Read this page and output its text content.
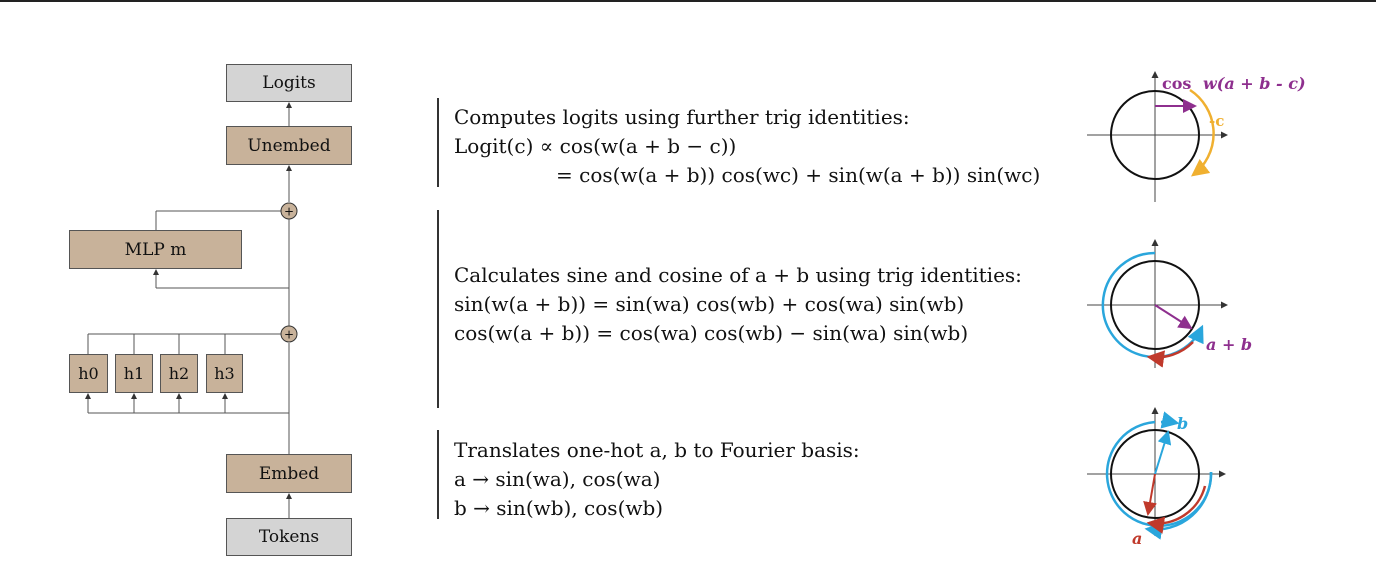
+
+
Logits
Unembed
MLP m
h0 h1 h2 h3
Embed
Tokens
Computes logits using further trig identities:
Logit(c) ∝ cos(w(a + b − c))
= cos(w(a + b)) cos(wc) + sin(w(a + b)) sin(wc)
Calculates sine and cosine of a + b using trig identities:
sin(w(a + b)) = sin(wa) cos(wb) + cos(wa) sin(wb)
cos(w(a + b)) = cos(wa) cos(wb) − sin(wa) sin(wb)
Translates one-hot a, b to Fourier basis:
a → sin(wa), cos(wa)
b → sin(wb), cos(wb)
cos w(a + b - c)
-c
a + b
b
a
